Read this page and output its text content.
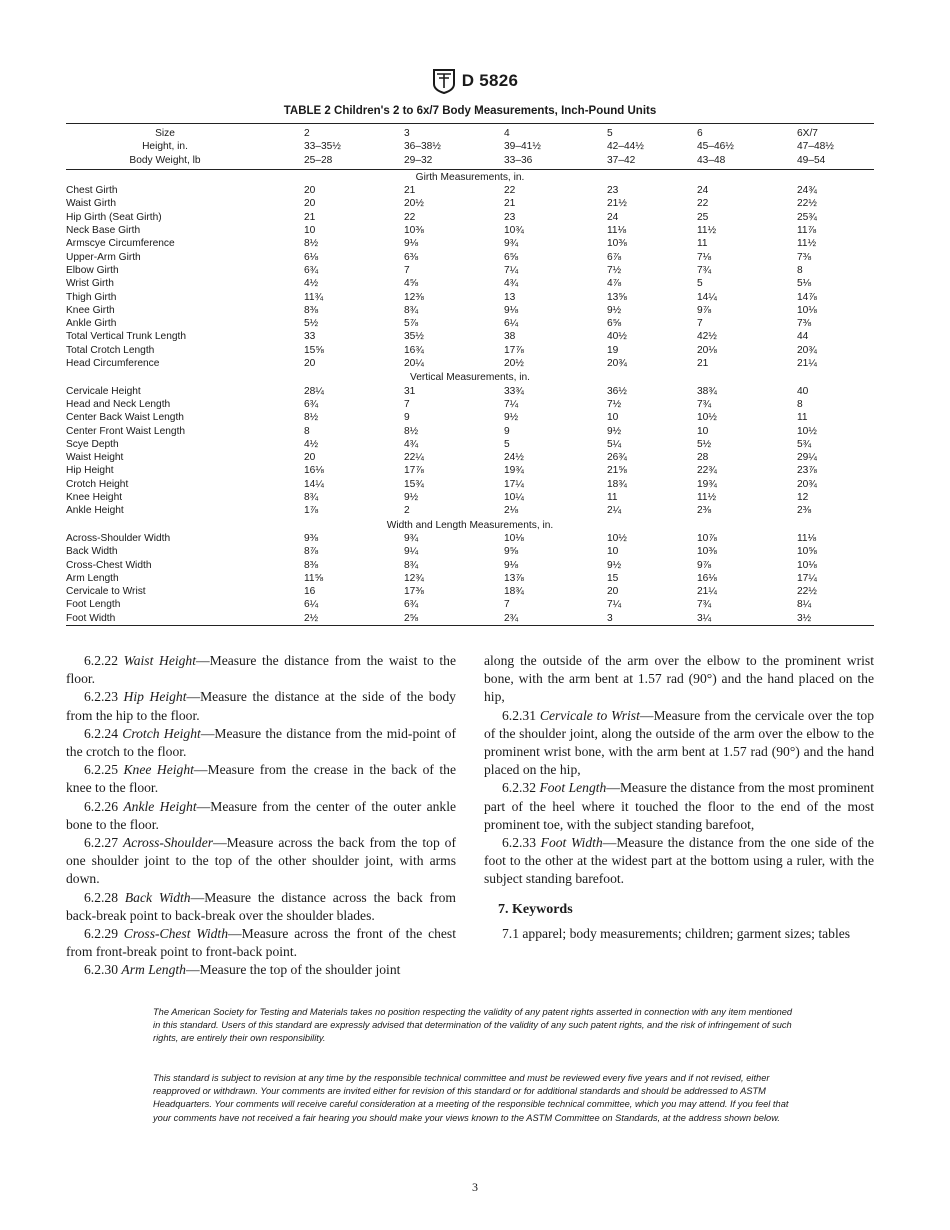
D 5826
TABLE 2 Children's 2 to 6x/7 Body Measurements, Inch-Pound Units
Size	2	3	4	5	6	6X/7
Height, in.	33–35½	36–38½	39–41½	42–44½	45–46½	47–48½
Body Weight, lb	25–28	29–32	33–36	37–42	43–48	49–54
Girth Measurements, in.						
Chest Girth	20	21	22	23	24	24¾
Waist Girth	20	20½	21	21½	22	22½
Hip Girth (Seat Girth)	21	22	23	24	25	25¾
Neck Base Girth	10	10⅜	10¾	11⅛	11½	11⅞
Armscye Circumference	8½	9⅛	9¾	10⅜	11	11½
Upper-Arm Girth	6⅛	6⅜	6⅝	6⅞	7⅛	7⅜
Elbow Girth	6¾	7	7¼	7½	7¾	8
Wrist Girth	4½	4⅝	4¾	4⅞	5	5⅛
Thigh Girth	11¾	12⅜	13	13⅝	14¼	14⅞
Knee Girth	8⅜	8¾	9⅛	9½	9⅞	10⅛
Ankle Girth	5½	5⅞	6¼	6⅝	7	7⅜
Total Vertical Trunk Length	33	35½	38	40½	42½	44
Total Crotch Length	15⅝	16¾	17⅞	19	20⅛	20¾
Head Circumference	20	20¼	20½	20¾	21	21¼
Vertical Measurements, in.						
Cervicale Height	28¼	31	33¾	36½	38¾	40
Head and Neck Length	6¾	7	7¼	7½	7¾	8
Center Back Waist Length	8½	9	9½	10	10½	11
Center Front Waist Length	8	8½	9	9½	10	10½
Scye Depth	4½	4¾	5	5¼	5½	5¾
Waist Height	20	22¼	24½	26¾	28	29¼
Hip Height	16⅛	17⅞	19¾	21⅝	22¾	23⅞
Crotch Height	14¼	15¾	17¼	18¾	19¾	20¾
Knee Height	8¾	9½	10¼	11	11½	12
Ankle Height	1⅞	2	2⅛	2¼	2⅜	2⅜
Width and Length Measurements, in.						
Across-Shoulder Width	9⅜	9¾	10⅛	10½	10⅞	11⅛
Back Width	8⅞	9¼	9⅝	10	10⅜	10⅝
Cross-Chest Width	8⅜	8¾	9⅛	9½	9⅞	10⅛
Arm Length	11⅝	12¾	13⅞	15	16⅛	17¼
Cervicale to Wrist	16	17⅜	18¾	20	21¼	22½
Foot Length	6¼	6¾	7	7¼	7¾	8¼
Foot Width	2½	2⅝	2¾	3	3¼	3½

6.2.22 Waist Height—Measure the distance from the waist to the floor.

6.2.23 Hip Height—Measure the distance at the side of the body from the hip to the floor.

6.2.24 Crotch Height—Measure the distance from the mid-point of the crotch to the floor.

6.2.25 Knee Height—Measure from the crease in the back of the knee to the floor.

6.2.26 Ankle Height—Measure from the center of the outer ankle bone to the floor.

6.2.27 Across-Shoulder—Measure across the back from the top of one shoulder joint to the top of the other shoulder joint, with arms down.

6.2.28 Back Width—Measure the distance across the back from back-break point to back-break over the shoulder blades.

6.2.29 Cross-Chest Width—Measure across the front of the chest from front-break point to front-back point.

6.2.30 Arm Length—Measure the top of the shoulder joint

along the outside of the arm over the elbow to the prominent wrist bone, with the arm bent at 1.57 rad (90°) and the hand placed on the hip,

6.2.31 Cervicale to Wrist—Measure from the cervicale over the top of the shoulder joint, along the outside of the arm over the elbow to the prominent wrist bone, with the arm bent at 1.57 rad (90°) and the hand placed on the hip,

6.2.32 Foot Length—Measure the distance from the most prominent part of the heel where it touched the floor to the end of the most prominent toe, with the subject standing barefoot,

6.2.33 Foot Width—Measure the distance from the one side of the foot to the other at the widest part at the bottom using a ruler, with the subject standing barefoot.

7. Keywords

7.1 apparel; body measurements; children; garment sizes; tables

The American Society for Testing and Materials takes no position respecting the validity of any patent rights asserted in connection with any item mentioned in this standard. Users of this standard are expressly advised that determination of the validity of any such patent rights, and the risk of infringement of such rights, are entirely their own responsibility.

This standard is subject to revision at any time by the responsible technical committee and must be reviewed every five years and if not revised, either reapproved or withdrawn. Your comments are invited either for revision of this standard or for additional standards and should be addressed to ASTM Headquarters. Your comments will receive careful consideration at a meeting of the responsible technical committee, which you may attend. If you feel that your comments have not received a fair hearing you should make your views known to the ASTM Committee on Standards, at the address shown below.

3
